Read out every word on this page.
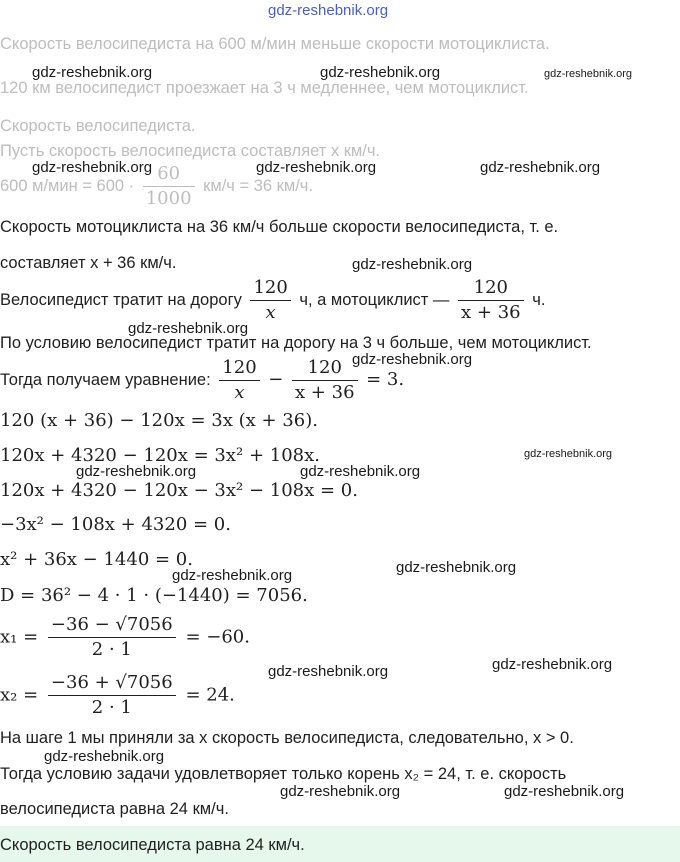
gdz-reshebnik.org
Скорость велосипедиста на 600 м/мин меньше скорости мотоциклиста.
120 км велосипедист проезжает на 3 ч медленнее, чем мотоциклист.
Скорость велосипедиста.
Пусть скорость велосипедиста составляет x км/ч.
600 $м/мин = 600 \cdot \frac{60}{1000} км/ч = 36$ км/ч.
Скорость мотоциклиста на 36 км/ч больше скорости велосипедиста, т. е.
составляет x + 36 км/ч.
Велосипедист тратит на дорогу $\frac{120}{x} ч$, а мотоциклист — $\frac{120}{x + 36} ч$.
По условию велосипедист тратит на дорогу на 3 ч больше, чем мотоциклист.
Тогда получаем уравнение: $\frac{120}{x} - \frac{120}{x + 36} = 3$.
120 (x + 36) − 120x = 3x (x + 36).
120x + 4320 − 120x = 3x² + 108x.
120x + 4320 − 120x − 3x² − 108x = 0.
−3x² − 108x + 4320 = 0.
x² + 36x − 1440 = 0.
D = 36² − 4 · 1 · (−1440) = 7056.
$x_1 = \frac{-36 - √7056}{2 \cdot 1} = -60$.
$x_2 = \frac{-36 + √7056}{2 \cdot 1} = 24$.
На шаге 1 мы приняли за x скорость велосипедиста, следовательно, x > 0.
Тогда условию задачи удовлетворяет только корень x₂ = 24, т. е. скорость
велосипедиста равна 24 км/ч.
Скорость велосипедиста равна 24 км/ч.
gdz-reshebnik.org	gdz-reshebnik.org	gdz-reshebnik.org
gdz-reshebnik.org	gdz-reshebnik.org	gdz-reshebnik.org
gdz-reshebnik.org
gdz-reshebnik.org
gdz-reshebnik.org
gdz-reshebnik.org	gdz-reshebnik.org
gdz-reshebnik.org
gdz-reshebnik.org	gdz-reshebnik.org
gdz-reshebnik.org	gdz-reshebnik.org
gdz-reshebnik.org
gdz-reshebnik.org	gdz-reshebnik.org
